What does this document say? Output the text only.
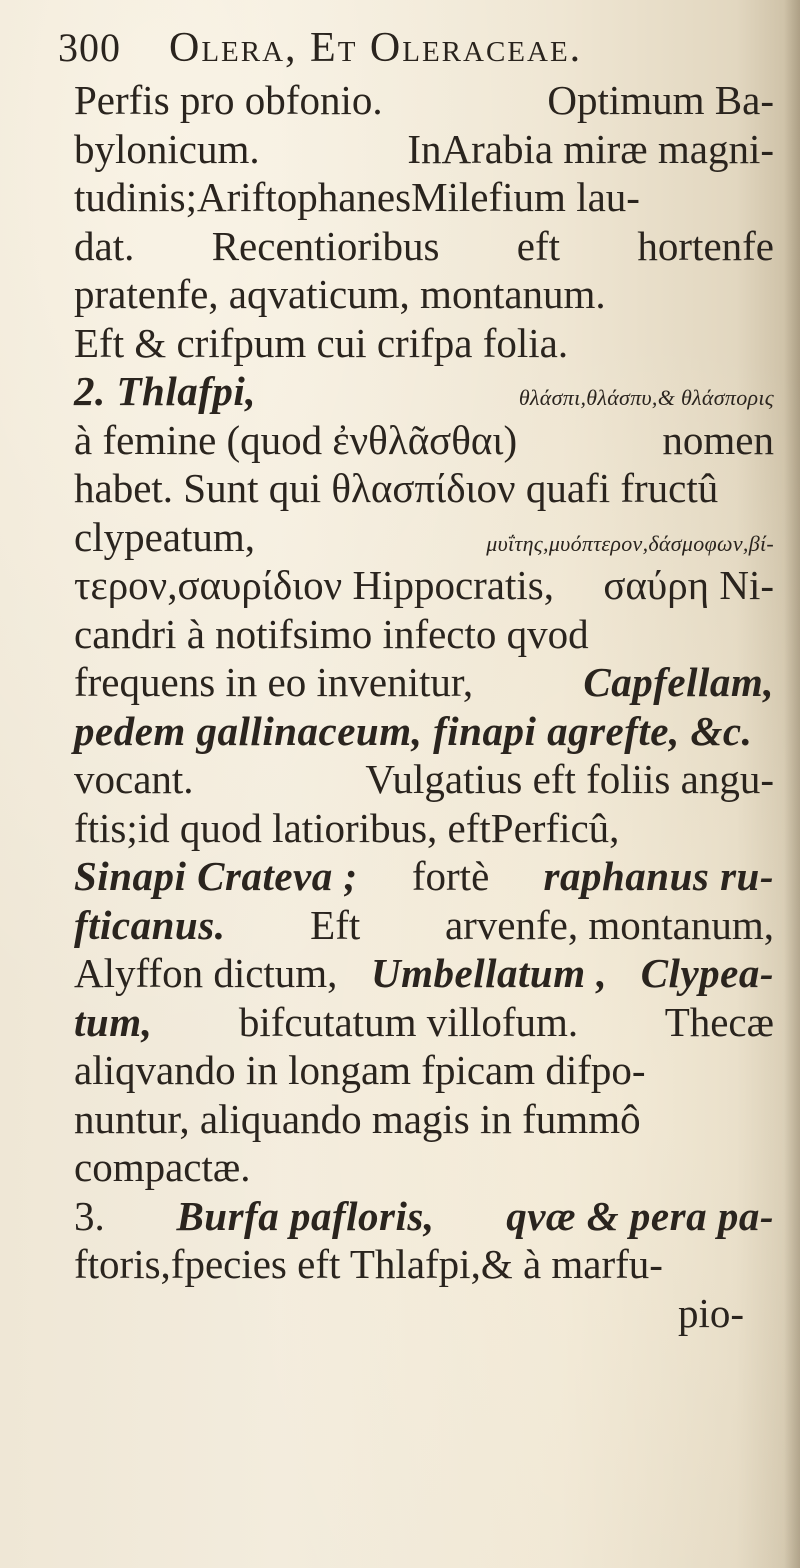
300 Olera, Et Oleraceae.
Perfis pro obfonio.	Optimum Ba-
bylonicum.	InArabia miræ magni-
tudinis;AriftophanesMilefium lau-
dat. Recentioribus eft hortenfe
pratenfe, aqvaticum, montanum.
Eft & crifpum cui crifpa folia.
2. Thlafpi,	θλάσπι,θλάσπυ,& θλάσπορις
à femine (quod ἐνθλᾶσθαι)	nomen
habet. Sunt qui θλασπίδιον quafi fructû
clypeatum,	μυΐτης,μυόπτερον,δάσμοφων,βί-
τερον,σαυρίδιον Hippocratis, σαύρη Ni-
candri à notifsimo infecto qvod
frequens in eo invenitur,	Capfellam,
pedem gallinaceum, finapi agrefte, &c.
vocant.	Vulgatius eft foliis angu-
ftis;id quod latioribus, eftPerficû,
Sinapi Crateva ; fortè raphanus ru-
fticanus. Eft arvenfe, montanum,
Alyffon dictum, Umbellatum , Clypea-
tum, bifcutatum villofum. Thecæ
aliqvando in longam fpicam difpo-
nuntur, aliquando magis in fummô
compactæ.
3. Burfa pafloris, qvæ & pera pa-
ftoris,fpecies eft Thlafpi,& à marfu-
pio-
